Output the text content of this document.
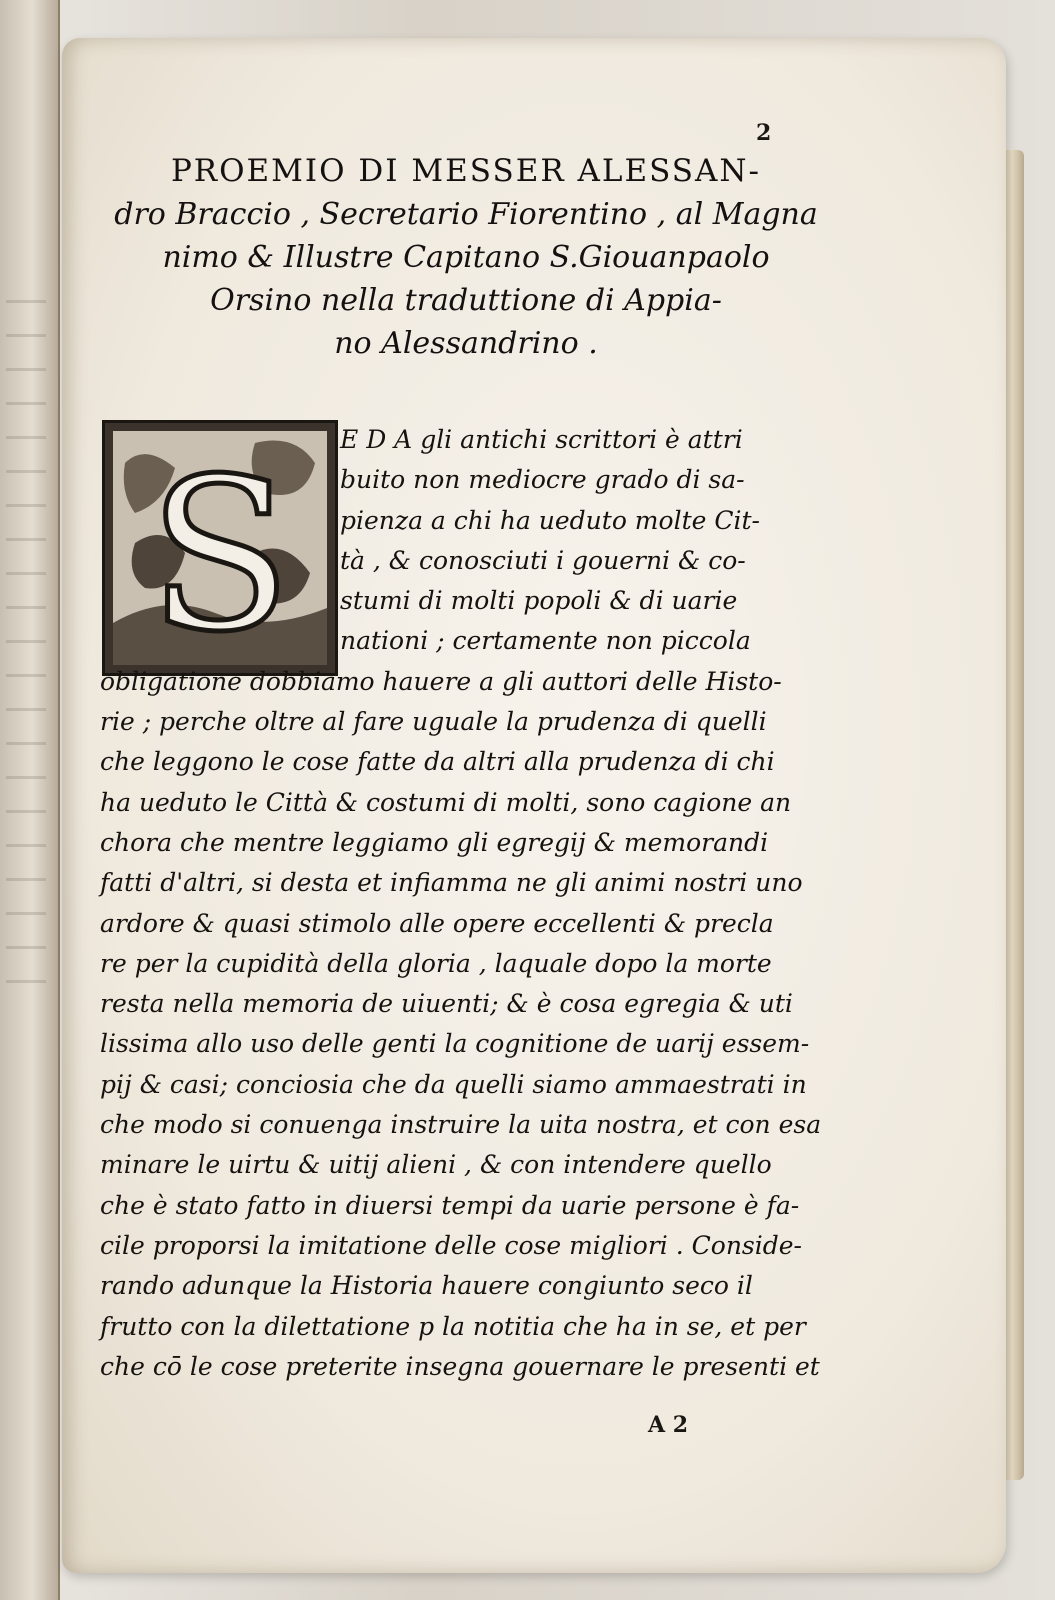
2
PROEMIO DI MESSER ALESSAN-
dro Braccio , Secretario Fiorentino , al Magna
nimo & Illustre Capitano S.Giouanpaolo
Orsino nella traduttione di Appia-
no Alessandrino .
S	E D A gli antichi scrittori è attri
buito non mediocre grado di sa-
pienza a chi ha ueduto molte Cit-
tà , & conosciuti i gouerni & co-
stumi di molti popoli & di uarie
nationi ; certamente non piccola
obligatione dobbiamo hauere a gli auttori delle Histo-
rie ; perche oltre al fare uguale la prudenza di quelli
che leggono le cose fatte da altri alla prudenza di chi
ha ueduto le Città & costumi di molti, sono cagione an
chora che mentre leggiamo gli egregij & memorandi
fatti d'altri, si desta et infiamma ne gli animi nostri uno
ardore & quasi stimolo alle opere eccellenti & precla
re per la cupidità della gloria , laquale dopo la morte
resta nella memoria de uiuenti; & è cosa egregia & uti
lissima allo uso delle genti la cognitione de uarij essem-
pij & casi; conciosia che da quelli siamo ammaestrati in
che modo si conuenga instruire la uita nostra, et con esa
minare le uirtu & uitij alieni , & con intendere quello
che è stato fatto in diuersi tempi da uarie persone è fa-
cile proporsi la imitatione delle cose migliori . Conside-
rando adunque la Historia hauere congiunto seco il
frutto con la dilettatione p la notitia che ha in se, et per
che cō le cose preterite insegna gouernare le presenti et
A 2
